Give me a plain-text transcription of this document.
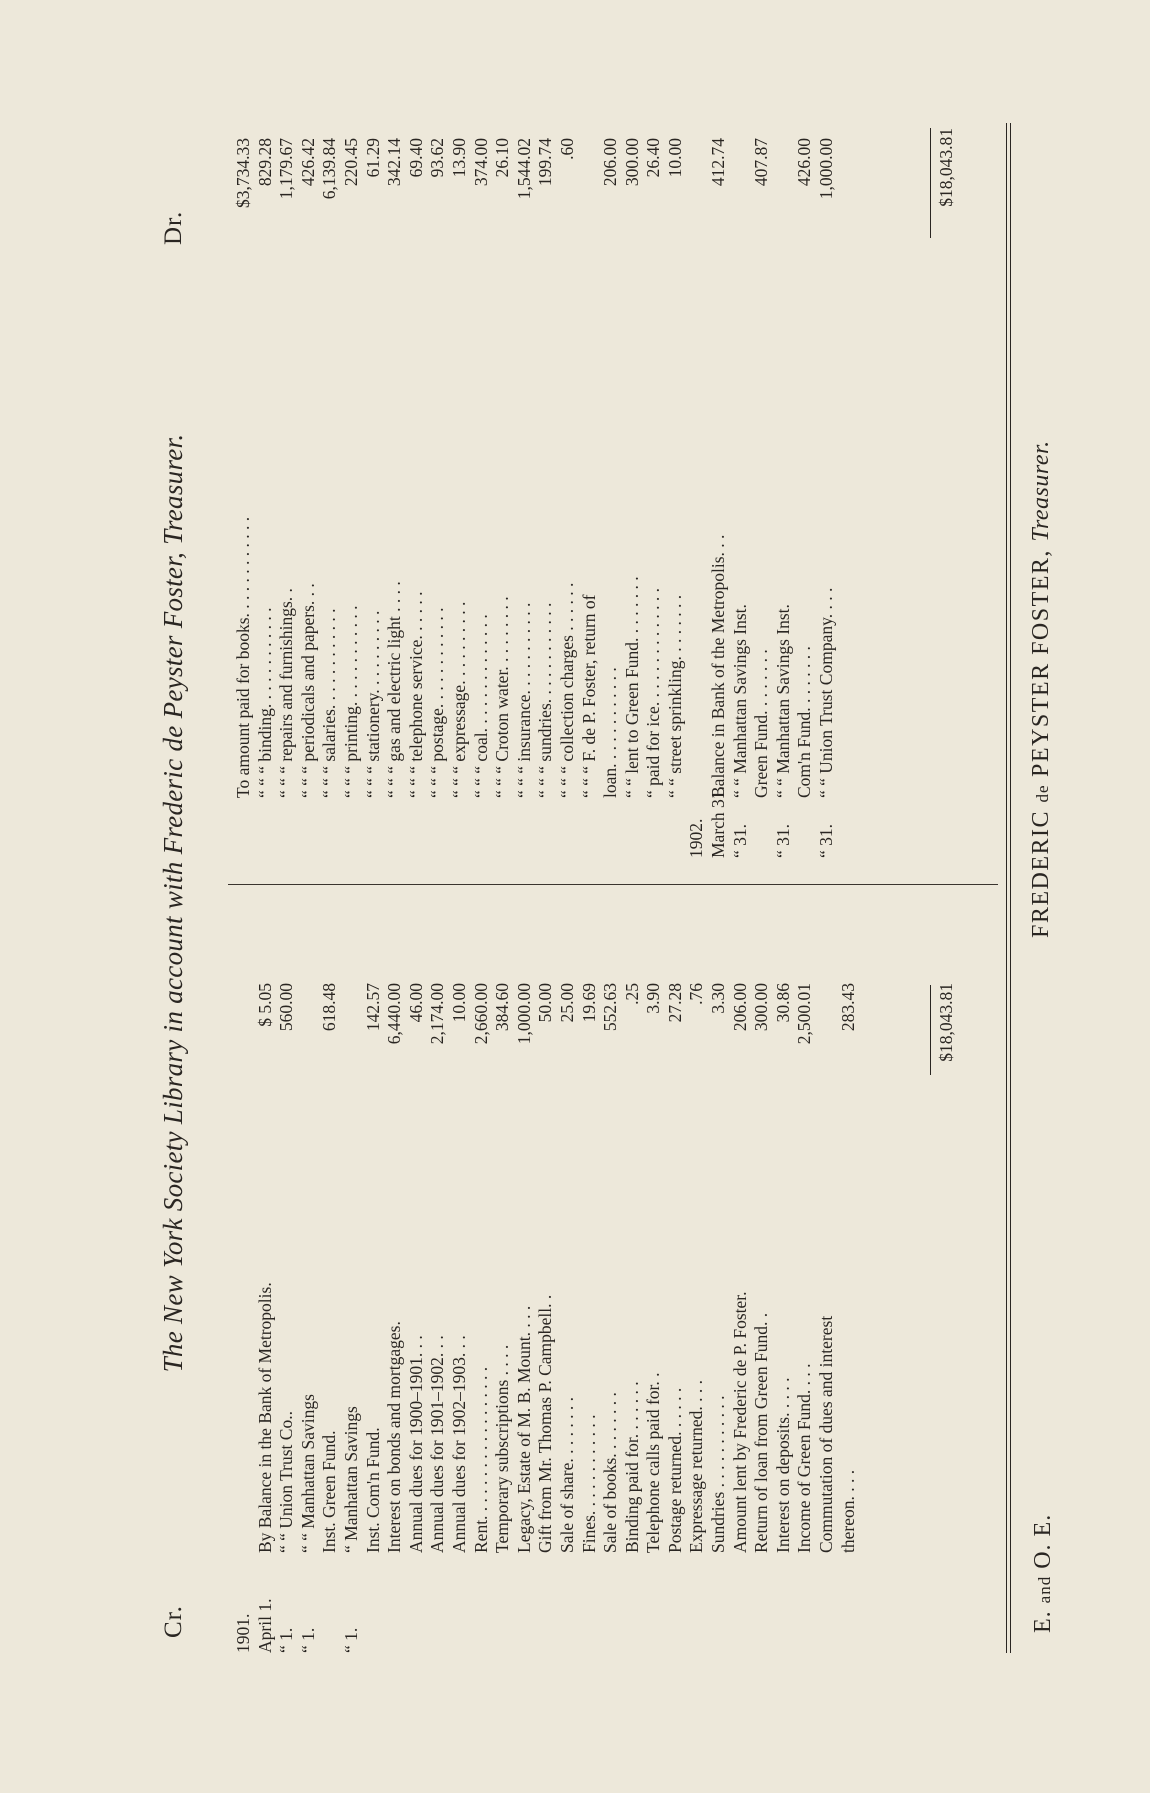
Cr.
The New York Society Library in account with Frederic de Peyster Foster, Treasurer.
Dr.
1901. April 1.
By Balance in the Bank of Metropolis.
$ 5.05
“ 1.
“ “ Union Trust Co..
560.00
“ 1.
“ “ Manhattan Savings Inst. Green Fund.
618.48
“ 1.
“ Manhattan Savings Inst. Com'n Fund.
142.57
Interest on bonds and mortgages.
6,440.00
Annual dues for 1900–1901. . .
46.00
Annual dues for 1901–1902. . .
2,174.00
Annual dues for 1902–1903. . .
10.00
Rent. . . . . . . . . . . . . . . . . .
2,660.00
Temporary subscriptions . . . .
384.60
Legacy, Estate of M. B. Mount. . . .
1,000.00
Gift from Mr. Thomas P. Campbell. .
50.00
Sale of share. . . . . . . .
25.00
Fines. . . . . . . . . . . .
19.69
Sale of books. . . . . . . .
552.63
Binding paid for. . . . . . .
.25
Telephone calls paid for. .
3.90
Postage returned. . . . . .
27.28
Expressage returned. . . .
.76
Sundries . . . . . . . . . . .
3.30
Amount lent by Frederic de P. Foster.
206.00
Return of loan from Green Fund. .
300.00
Interest on deposits. . . . .
30.86
Income of Green Fund. . . .
2,500.01
Commutation of dues and interest thereon. . . .
283.43
To amount paid for books. . . . . . . . . . . .
$3,734.33
“ “ “ binding. . . . . . . . . . . .
829.28
“ “ “ repairs and furnishings. .
1,179.67
“ “ “ periodicals and papers. . .
426.42
“ “ “ salaries. . . . . . . . . . . .
6,139.84
“ “ “ printing. . . . . . . . . . . .
220.45
“ “ “ stationery. . . . . . . . . .
61.29
“ “ “ gas and electric light . . . .
342.14
“ “ “ telephone service. . . . . .
69.40
“ “ “ postage. . . . . . . . . . . .
93.62
“ “ “ expressage. . . . . . . . . .
13.90
“ “ “ coal. . . . . . . . . . . . . .
374.00
“ “ “ Croton water. . . . . . . . .
26.10
“ “ “ insurance. . . . . . . . . . .
1,544.02
“ “ “ sundries. . . . . . . . . . . .
199.74
“ “ “ collection charges . . . . . .
.60
“ “ “ F. de P. Foster, return of loan. . . . . . . . . . . .
206.00
“ “ lent to Green Fund. . . . . . . .
300.00
“ paid for ice. . . . . . . . . . . . . .
26.40
“ “ street sprinkling. . . . . . . .
10.00
1902. March 31.
Balance in Bank of the Metropolis. . .
412.74
“ 31.
“ “ Manhattan Savings Inst. Green Fund. . . . . . . .
407.87
“ 31.
“ “ Manhattan Savings Inst. Com'n Fund. . . . . . . .
426.00
“ 31.
“ “ Union Trust Company. . . .
1,000.00
$18,043.81
$18,043.81
E. and O. E.
FREDERIC de PEYSTER FOSTER, Treasurer.
